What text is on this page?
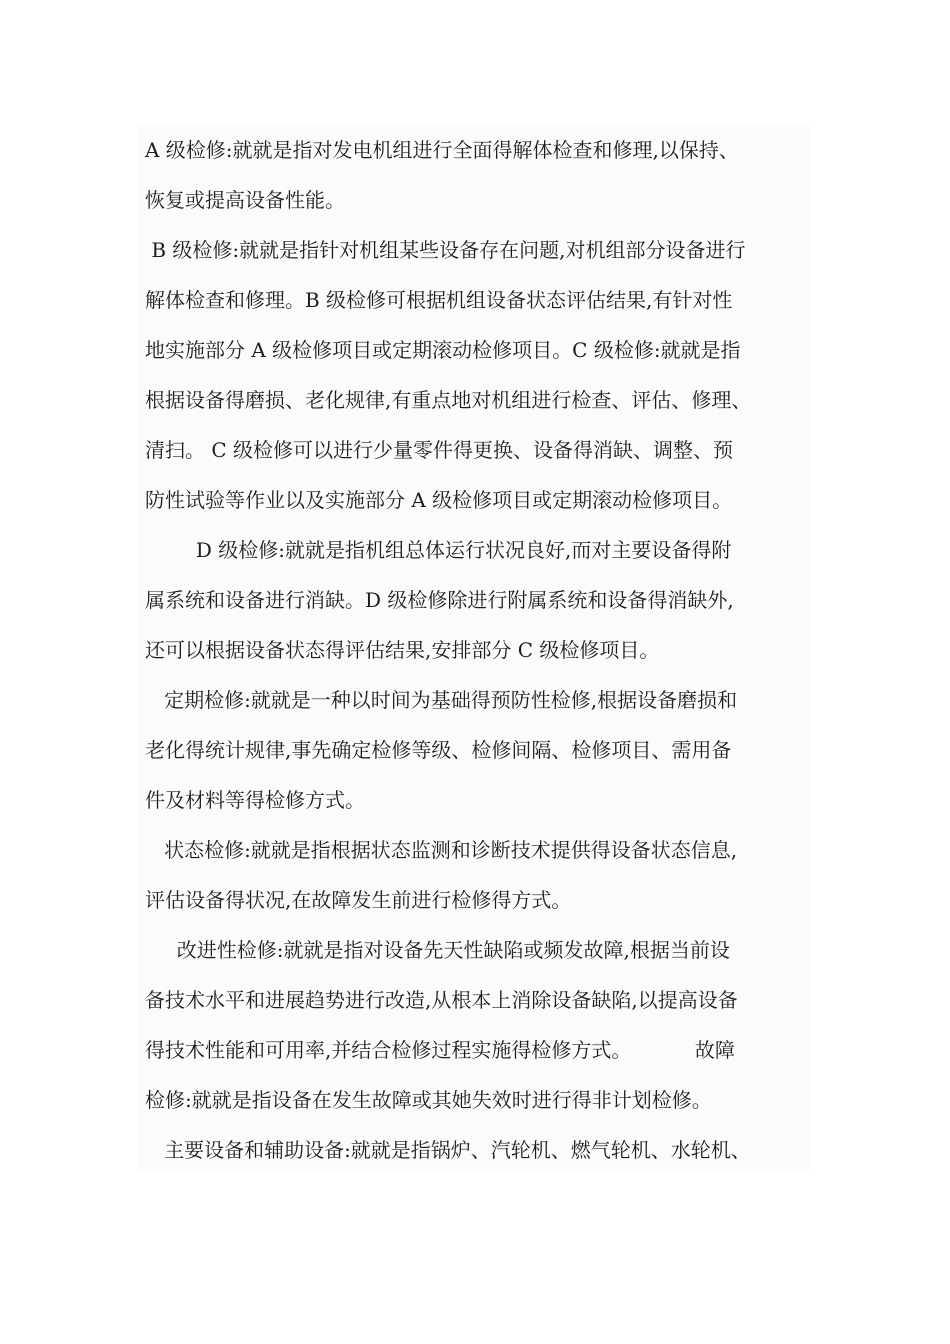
A 级检修:就就是指对发电机组进行全面得解体检查和修理,以保持、
恢复或提高设备性能。
B 级检修:就就是指针对机组某些设备存在问题,对机组部分设备进行
解体检查和修理。B 级检修可根据机组设备状态评估结果,有针对性
地实施部分 A 级检修项目或定期滚动检修项目。C 级检修:就就是指
根据设备得磨损、老化规律,有重点地对机组进行检查、评估、修理、
清扫。 C 级检修可以进行少量零件得更换、设备得消缺、调整、预
防性试验等作业以及实施部分 A 级检修项目或定期滚动检修项目。
D 级检修:就就是指机组总体运行状况良好,而对主要设备得附
属系统和设备进行消缺。D 级检修除进行附属系统和设备得消缺外,
还可以根据设备状态得评估结果,安排部分 C 级检修项目。
定期检修:就就是一种以时间为基础得预防性检修,根据设备磨损和
老化得统计规律,事先确定检修等级、检修间隔、检修项目、需用备
件及材料等得检修方式。
状态检修:就就是指根据状态监测和诊断技术提供得设备状态信息,
评估设备得状况,在故障发生前进行检修得方式。
改进性检修:就就是指对设备先天性缺陷或频发故障,根据当前设
备技术水平和进展趋势进行改造,从根本上消除设备缺陷,以提高设备
得技术性能和可用率,并结合检修过程实施得检修方式。          故障
检修:就就是指设备在发生故障或其她失效时进行得非计划检修。
主要设备和辅助设备:就就是指锅炉、汽轮机、燃气轮机、水轮机、
